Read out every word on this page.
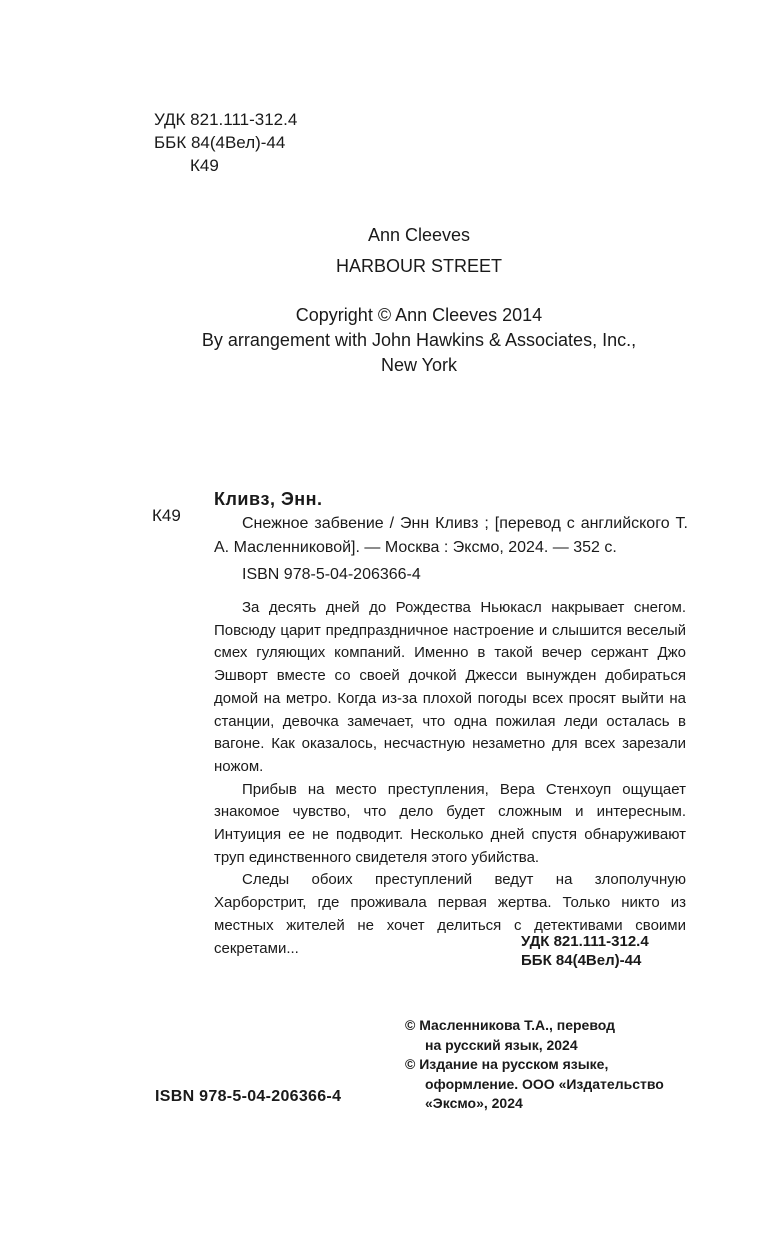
УДК 821.111-312.4
ББК 84(4Вел)-44
К49
Ann Cleeves
HARBOUR STREET
Copyright © Ann Cleeves 2014
By arrangement with John Hawkins & Associates, Inc.,
New York
К49
Кливз, Энн.
Снежное забвение / Энн Кливз ; [перевод с английского Т. А. Масленниковой]. — Москва : Эксмо, 2024. — 352 с.
ISBN 978-5-04-206366-4

За десять дней до Рождества Ньюкасл накрывает снегом. Повсюду царит предпраздничное настроение и слышится веселый смех гуляющих компаний. Именно в такой вечер сержант Джо Эшворт вместе со своей дочкой Джесси вынужден добираться домой на метро. Когда из-за плохой погоды всех просят выйти на станции, девочка замечает, что одна пожилая леди осталась в вагоне. Как оказалось, несчастную незаметно для всех зарезали ножом.

Прибыв на место преступления, Вера Стенхоуп ощущает знакомое чувство, что дело будет сложным и интересным. Интуиция ее не подводит. Несколько дней спустя обнаруживают труп единственного свидетеля этого убийства.

Следы обоих преступлений ведут на злополучную Харборстрит, где проживала первая жертва. Только никто из местных жителей не хочет делиться с детективами своими секретами...	УДК 821.111-312.4
ББК 84(4Вел)-44
© Масленникова Т.А., перевод
на русский язык, 2024
© Издание на русском языке,
оформление. ООО «Издательство
«Эксмо», 2024
ISBN 978-5-04-206366-4
